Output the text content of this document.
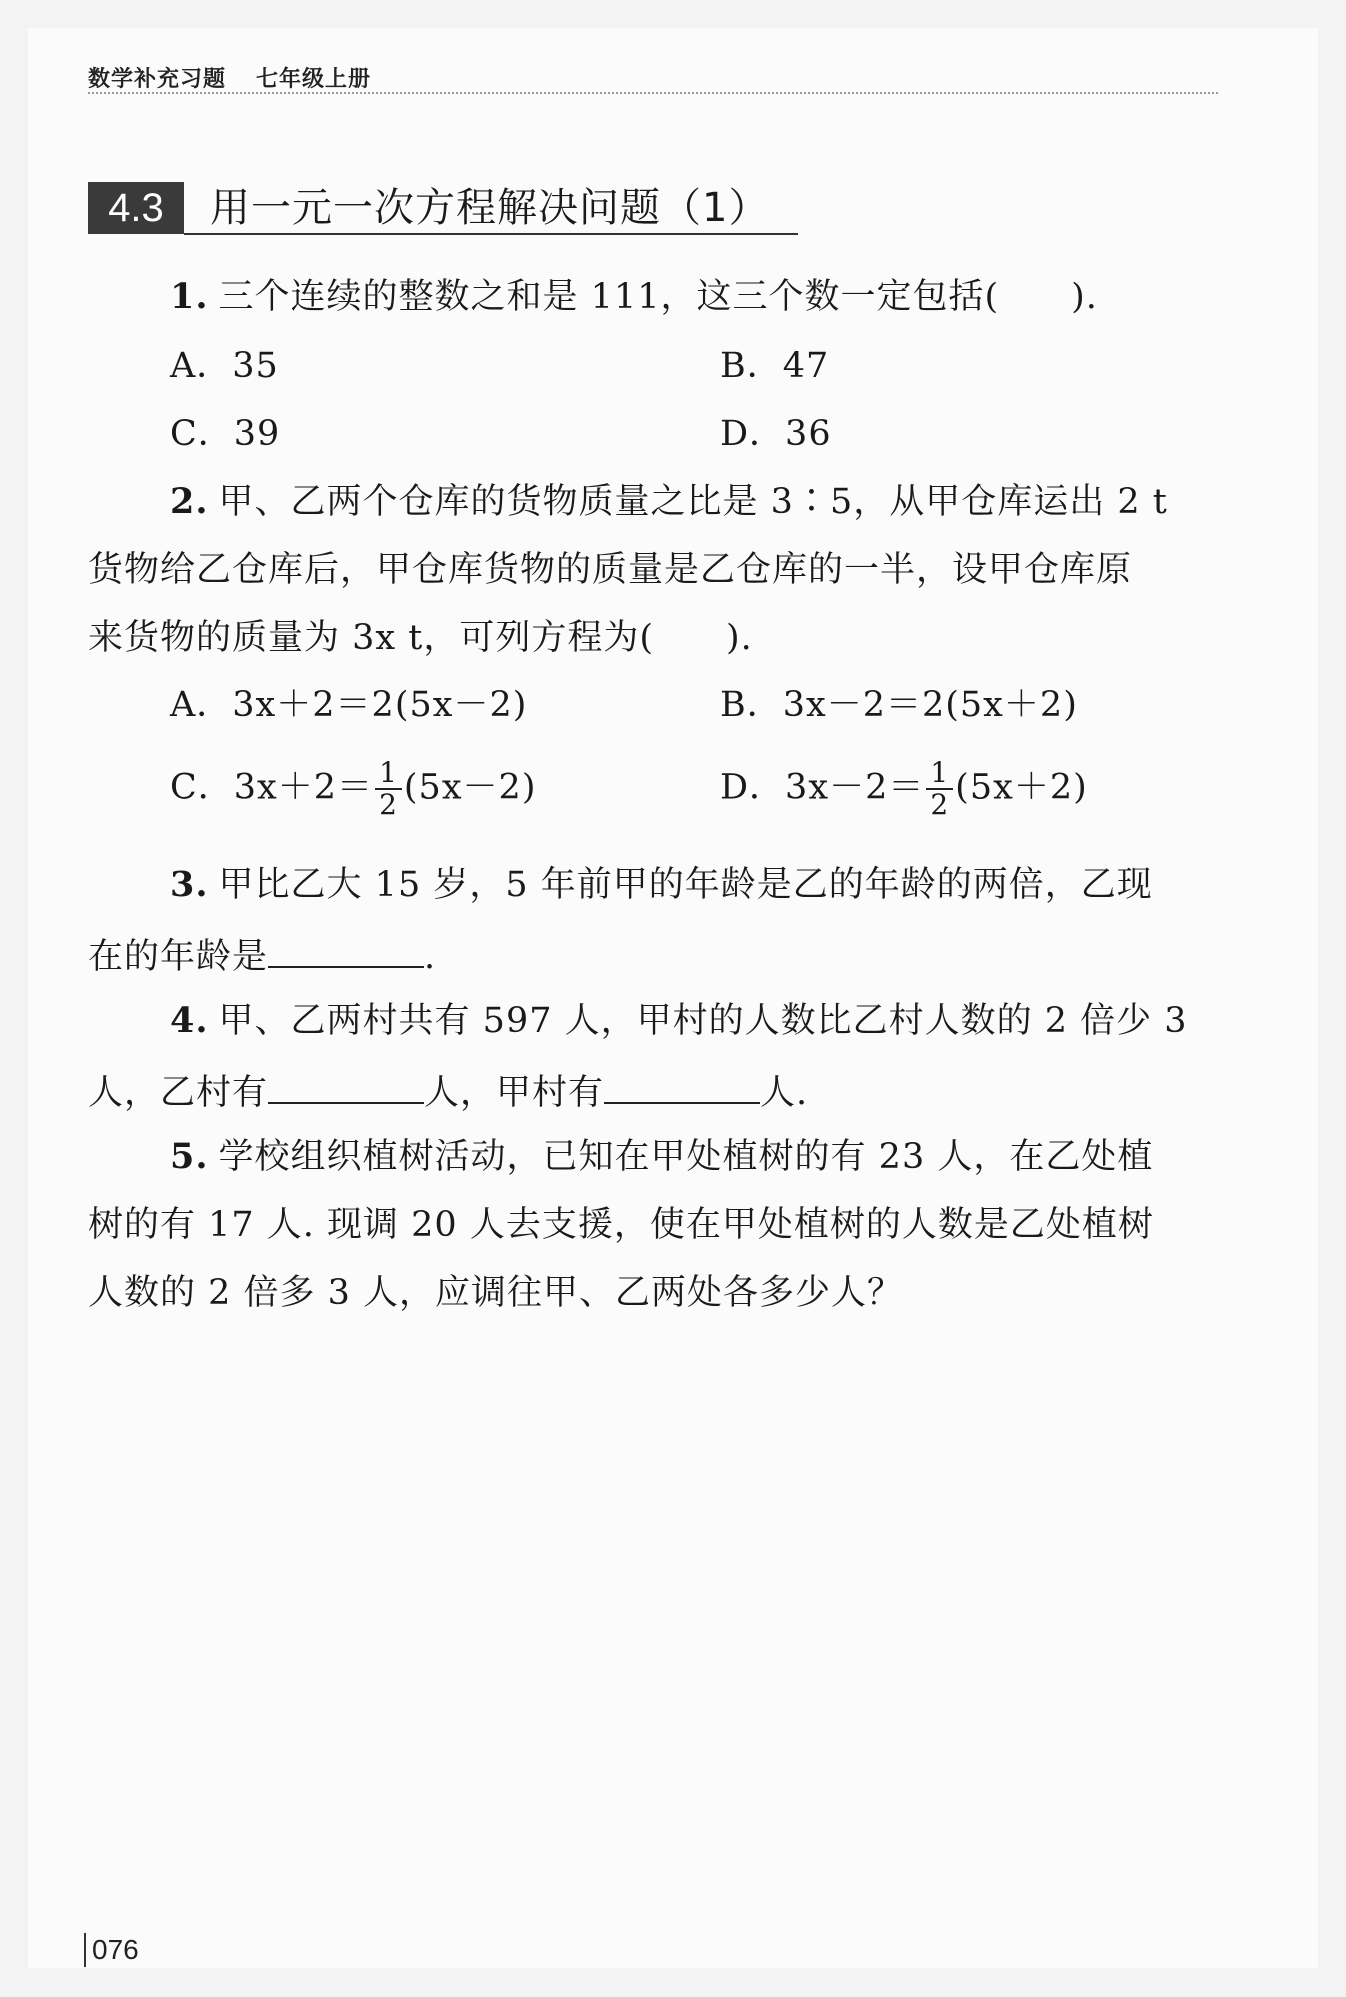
数学补充习题 七年级上册
4.3	用一元一次方程解决问题（1）
1. 三个连续的整数之和是 111，这三个数一定包括(　　).
A．35	B．47
C．39	D．36
2. 甲、乙两个仓库的货物质量之比是 3∶5，从甲仓库运出 2 t
货物给乙仓库后，甲仓库货物的质量是乙仓库的一半，设甲仓库原
来货物的质量为 3x t，可列方程为(　　).
A．3x＋2＝2(5x－2)	B．3x－2＝2(5x＋2)
C．$3x+2= \frac{1}{2} (5x-2)$	D．$3x-2= \frac{1}{2} (5x+2)$
3. 甲比乙大 15 岁，5 年前甲的年龄是乙的年龄的两倍，乙现
在的年龄是	.
4. 甲、乙两村共有 597 人，甲村的人数比乙村人数的 2 倍少 3
人，乙村有	人，甲村有	人.
5. 学校组织植树活动，已知在甲处植树的有 23 人，在乙处植
树的有 17 人. 现调 20 人去支援，使在甲处植树的人数是乙处植树
人数的 2 倍多 3 人，应调往甲、乙两处各多少人？
076
